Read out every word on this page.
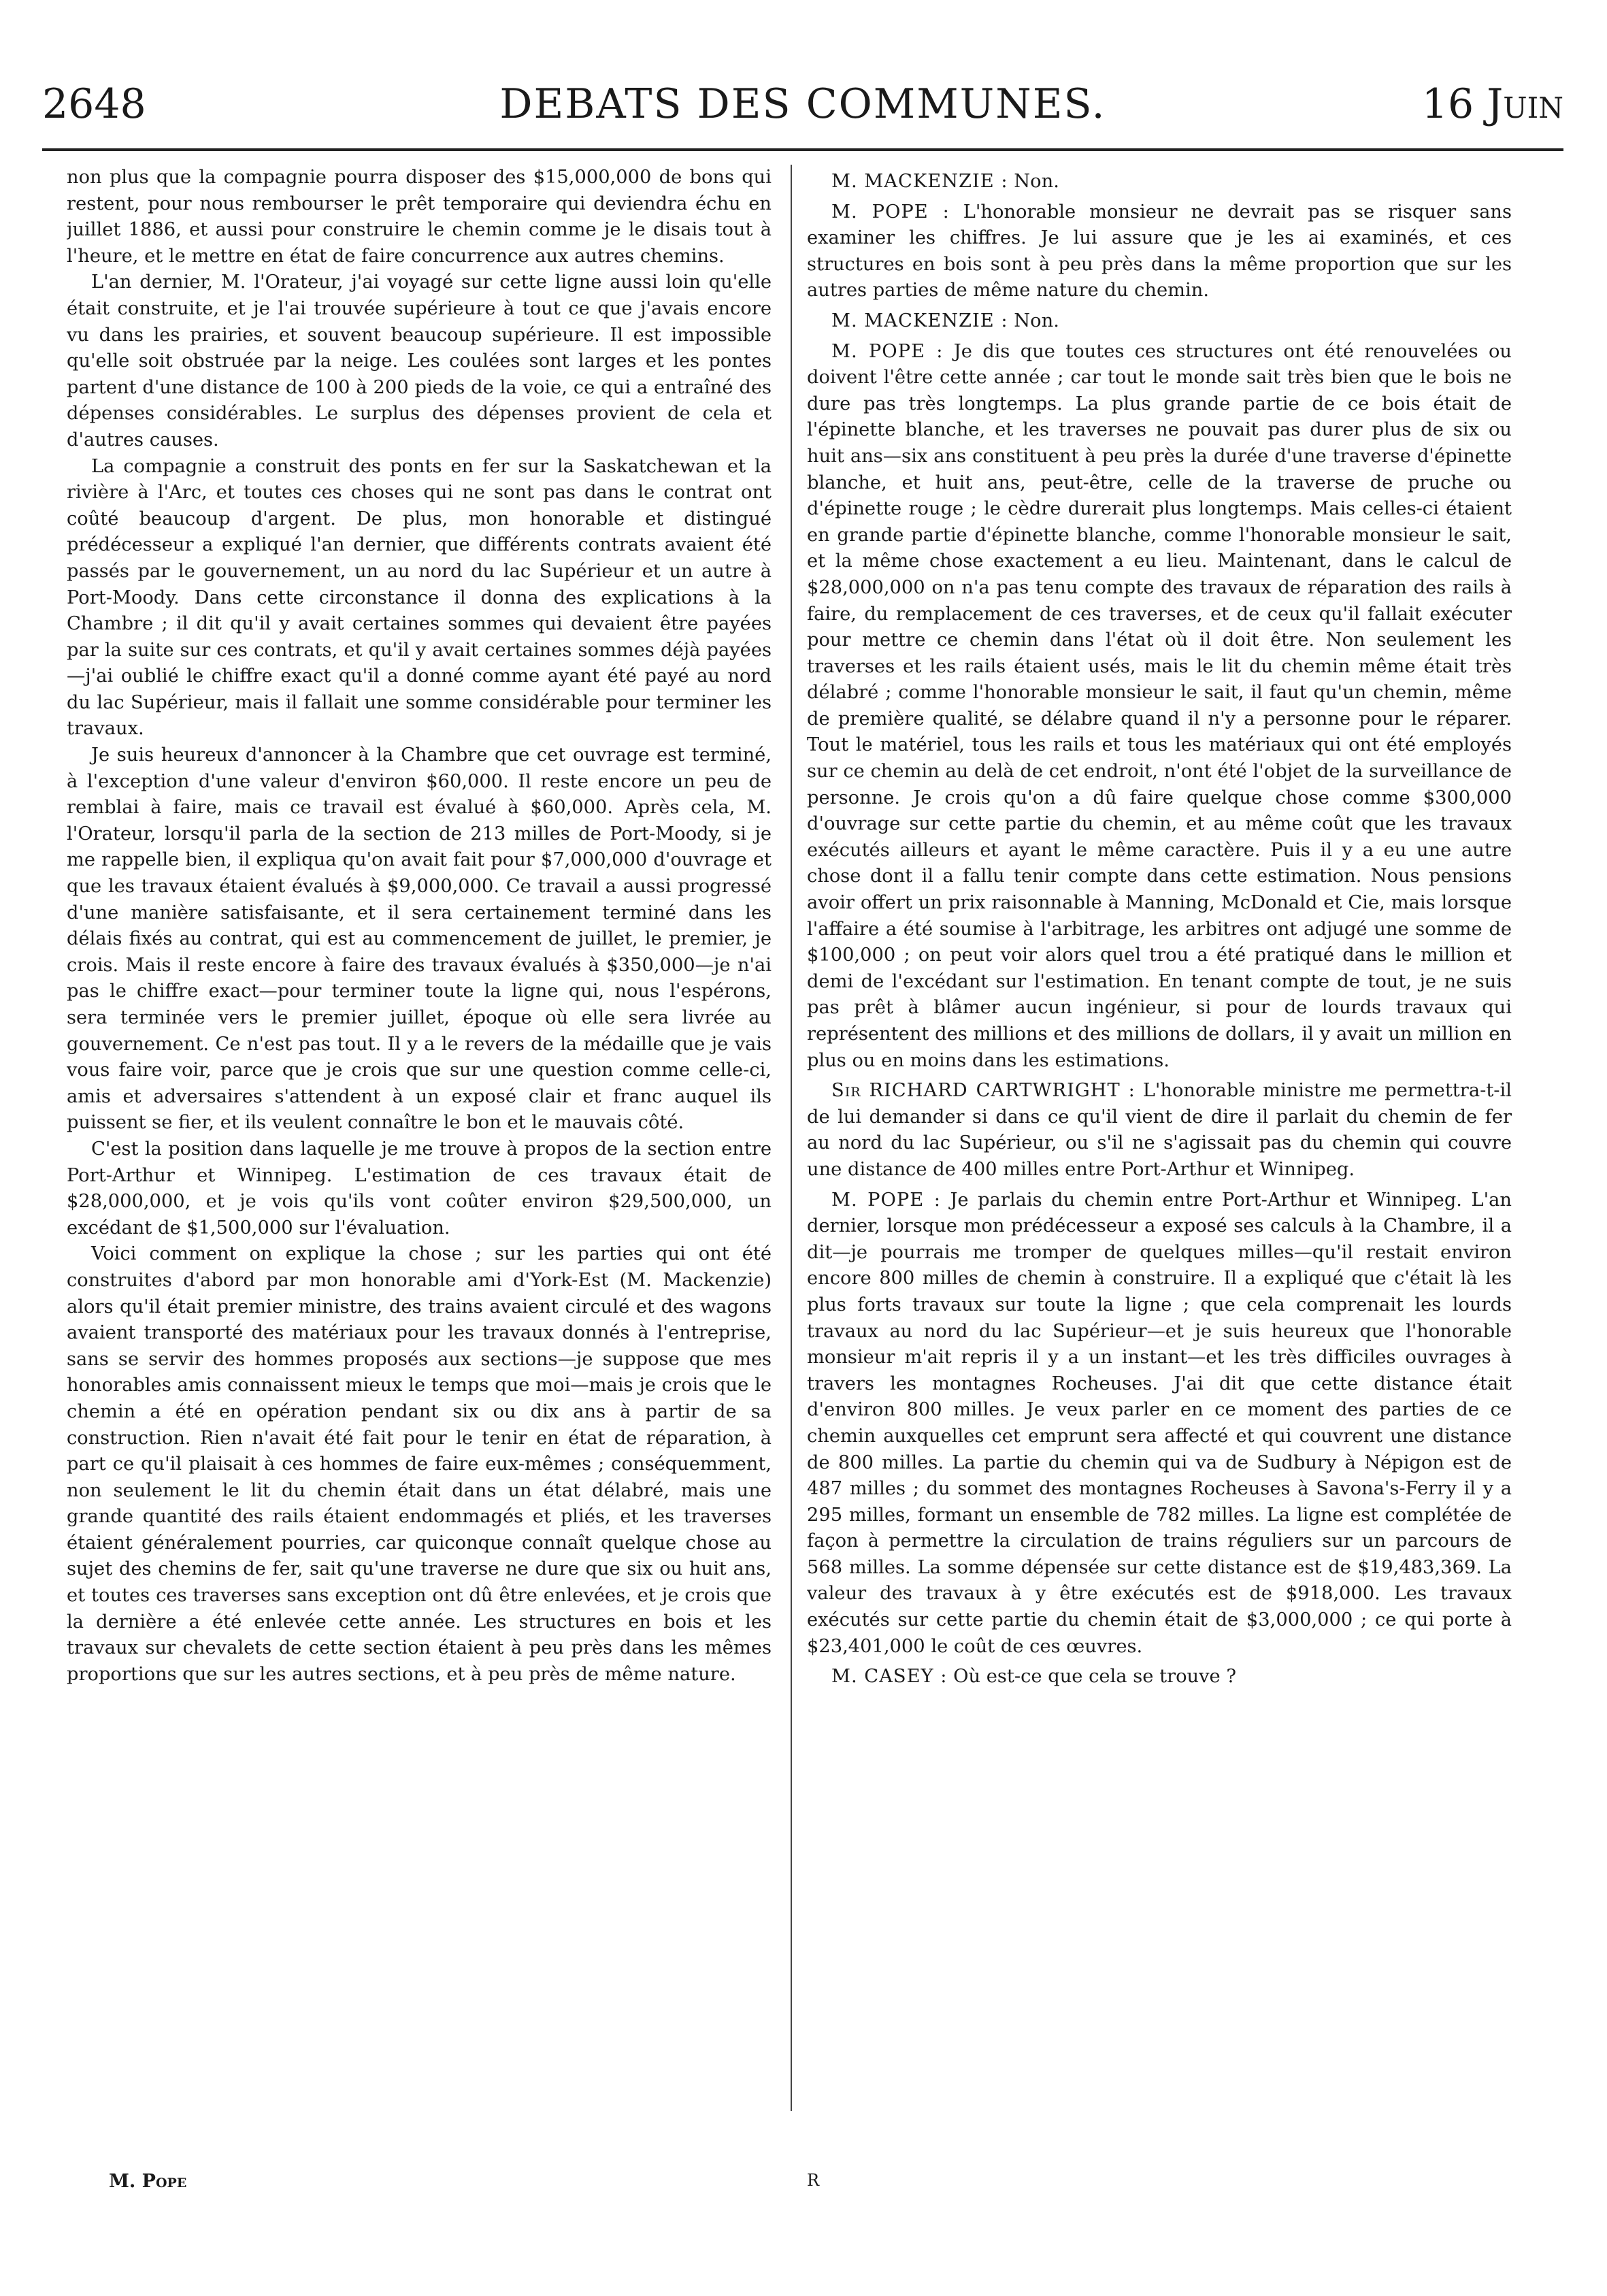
2648	DEBATS DES COMMUNES.	16 Juin

non plus que la compagnie pourra disposer des $15,000,000 de bons qui restent, pour nous rembourser le prêt temporaire qui deviendra échu en juillet 1886, et aussi pour construire le chemin comme je le disais tout à l'heure, et le mettre en état de faire concurrence aux autres chemins.

L'an dernier, M. l'Orateur, j'ai voyagé sur cette ligne aussi loin qu'elle était construite, et je l'ai trouvée supérieure à tout ce que j'avais encore vu dans les prairies, et souvent beaucoup supérieure. Il est impossible qu'elle soit obstruée par la neige. Les coulées sont larges et les pontes partent d'une distance de 100 à 200 pieds de la voie, ce qui a entraîné des dépenses considérables. Le surplus des dépenses provient de cela et d'autres causes.

La compagnie a construit des ponts en fer sur la Saskatchewan et la rivière à l'Arc, et toutes ces choses qui ne sont pas dans le contrat ont coûté beaucoup d'argent. De plus, mon honorable et distingué prédécesseur a expliqué l'an dernier, que différents contrats avaient été passés par le gouvernement, un au nord du lac Supérieur et un autre à Port-Moody. Dans cette circonstance il donna des explications à la Chambre ; il dit qu'il y avait certaines sommes qui devaient être payées par la suite sur ces contrats, et qu'il y avait certaines sommes déjà payées—j'ai oublié le chiffre exact qu'il a donné comme ayant été payé au nord du lac Supérieur, mais il fallait une somme considérable pour terminer les travaux.

Je suis heureux d'annoncer à la Chambre que cet ouvrage est terminé, à l'exception d'une valeur d'environ $60,000. Il reste encore un peu de remblai à faire, mais ce travail est évalué à $60,000. Après cela, M. l'Orateur, lorsqu'il parla de la section de 213 milles de Port-Moody, si je me rappelle bien, il expliqua qu'on avait fait pour $7,000,000 d'ouvrage et que les travaux étaient évalués à $9,000,000. Ce travail a aussi progressé d'une manière satisfaisante, et il sera certainement terminé dans les délais fixés au contrat, qui est au commencement de juillet, le premier, je crois. Mais il reste encore à faire des travaux évalués à $350,000—je n'ai pas le chiffre exact—pour terminer toute la ligne qui, nous l'espérons, sera terminée vers le premier juillet, époque où elle sera livrée au gouvernement. Ce n'est pas tout. Il y a le revers de la médaille que je vais vous faire voir, parce que je crois que sur une question comme celle-ci, amis et adversaires s'attendent à un exposé clair et franc auquel ils puissent se fier, et ils veulent connaître le bon et le mauvais côté.

C'est la position dans laquelle je me trouve à propos de la section entre Port-Arthur et Winnipeg. L'estimation de ces travaux était de $28,000,000, et je vois qu'ils vont coûter environ $29,500,000, un excédant de $1,500,000 sur l'évaluation.

Voici comment on explique la chose ; sur les parties qui ont été construites d'abord par mon honorable ami d'York-Est (M. Mackenzie) alors qu'il était premier ministre, des trains avaient circulé et des wagons avaient transporté des matériaux pour les travaux donnés à l'entreprise, sans se servir des hommes proposés aux sections—je suppose que mes honorables amis connaissent mieux le temps que moi—mais je crois que le chemin a été en opération pendant six ou dix ans à partir de sa construction. Rien n'avait été fait pour le tenir en état de réparation, à part ce qu'il plaisait à ces hommes de faire eux-mêmes ; conséquemment, non seulement le lit du chemin était dans un état délabré, mais une grande quantité des rails étaient endommagés et pliés, et les traverses étaient généralement pourries, car quiconque connaît quelque chose au sujet des chemins de fer, sait qu'une traverse ne dure que six ou huit ans, et toutes ces traverses sans exception ont dû être enlevées, et je crois que la dernière a été enlevée cette année. Les structures en bois et les travaux sur chevalets de cette section étaient à peu près dans les mêmes proportions que sur les autres sections, et à peu près de même nature.

M. MACKENZIE : Non.

M. POPE : L'honorable monsieur ne devrait pas se risquer sans examiner les chiffres. Je lui assure que je les ai examinés, et ces structures en bois sont à peu près dans la même proportion que sur les autres parties de même nature du chemin.

M. MACKENZIE : Non.

M. POPE : Je dis que toutes ces structures ont été renouvelées ou doivent l'être cette année ; car tout le monde sait très bien que le bois ne dure pas très longtemps. La plus grande partie de ce bois était de l'épinette blanche, et les traverses ne pouvait pas durer plus de six ou huit ans—six ans constituent à peu près la durée d'une traverse d'épinette blanche, et huit ans, peut-être, celle de la traverse de pruche ou d'épinette rouge ; le cèdre durerait plus longtemps. Mais celles-ci étaient en grande partie d'épinette blanche, comme l'honorable monsieur le sait, et la même chose exactement a eu lieu. Maintenant, dans le calcul de $28,000,000 on n'a pas tenu compte des travaux de réparation des rails à faire, du remplacement de ces traverses, et de ceux qu'il fallait exécuter pour mettre ce chemin dans l'état où il doit être. Non seulement les traverses et les rails étaient usés, mais le lit du chemin même était très délabré ; comme l'honorable monsieur le sait, il faut qu'un chemin, même de première qualité, se délabre quand il n'y a personne pour le réparer. Tout le matériel, tous les rails et tous les matériaux qui ont été employés sur ce chemin au delà de cet endroit, n'ont été l'objet de la surveillance de personne. Je crois qu'on a dû faire quelque chose comme $300,000 d'ouvrage sur cette partie du chemin, et au même coût que les travaux exécutés ailleurs et ayant le même caractère. Puis il y a eu une autre chose dont il a fallu tenir compte dans cette estimation. Nous pensions avoir offert un prix raisonnable à Manning, McDonald et Cie, mais lorsque l'affaire a été soumise à l'arbitrage, les arbitres ont adjugé une somme de $100,000 ; on peut voir alors quel trou a été pratiqué dans le million et demi de l'excédant sur l'estimation. En tenant compte de tout, je ne suis pas prêt à blâmer aucun ingénieur, si pour de lourds travaux qui représentent des millions et des millions de dollars, il y avait un million en plus ou en moins dans les estimations.

Sir RICHARD CARTWRIGHT : L'honorable ministre me permettra-t-il de lui demander si dans ce qu'il vient de dire il parlait du chemin de fer au nord du lac Supérieur, ou s'il ne s'agissait pas du chemin qui couvre une distance de 400 milles entre Port-Arthur et Winnipeg.

M. POPE : Je parlais du chemin entre Port-Arthur et Winnipeg. L'an dernier, lorsque mon prédécesseur a exposé ses calculs à la Chambre, il a dit—je pourrais me tromper de quelques milles—qu'il restait environ encore 800 milles de chemin à construire. Il a expliqué que c'était là les plus forts travaux sur toute la ligne ; que cela comprenait les lourds travaux au nord du lac Supérieur—et je suis heureux que l'honorable monsieur m'ait repris il y a un instant—et les très difficiles ouvrages à travers les montagnes Rocheuses. J'ai dit que cette distance était d'environ 800 milles. Je veux parler en ce moment des parties de ce chemin auxquelles cet emprunt sera affecté et qui couvrent une distance de 800 milles. La partie du chemin qui va de Sudbury à Népigon est de 487 milles ; du sommet des montagnes Rocheuses à Savona's-Ferry il y a 295 milles, formant un ensemble de 782 milles. La ligne est complétée de façon à permettre la circulation de trains réguliers sur un parcours de 568 milles. La somme dépensée sur cette distance est de $19,483,369. La valeur des travaux à y être exécutés est de $918,000. Les travaux exécutés sur cette partie du chemin était de $3,000,000 ; ce qui porte à $23,401,000 le coût de ces œuvres.

M. CASEY : Où est-ce que cela se trouve ?

M. Pope	R
